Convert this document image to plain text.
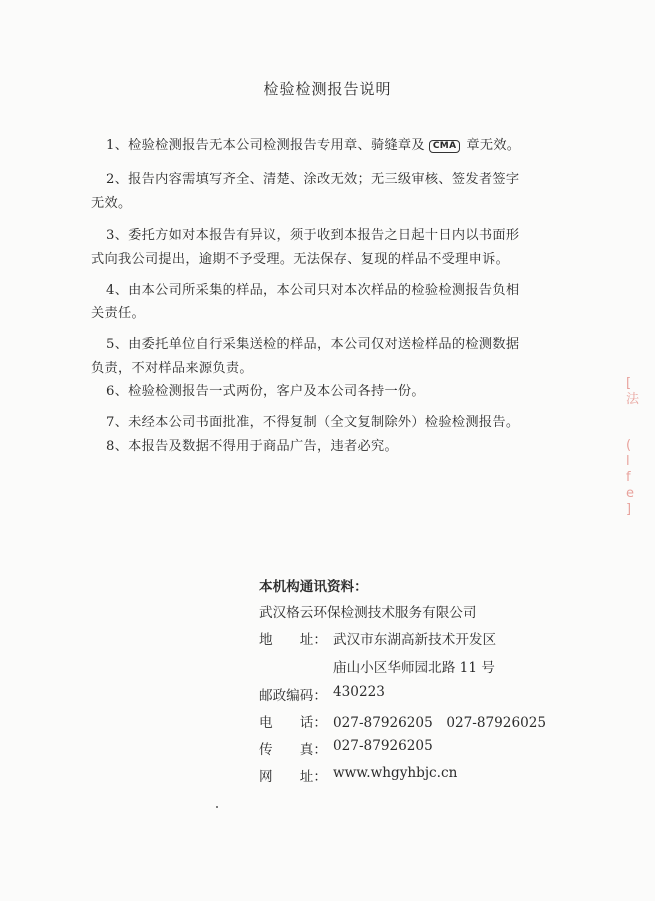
检验检测报告说明
1、检验检测报告无本公司检测报告专用章、骑缝章及 CMA 章无效。
2、报告内容需填写齐全、清楚、涂改无效；无三级审核、签发者签字
无效。
3、委托方如对本报告有异议，须于收到本报告之日起十日内以书面形
式向我公司提出，逾期不予受理。无法保存、复现的样品不受理申诉。
4、由本公司所采集的样品，本公司只对本次样品的检验检测报告负相
关责任。
5、由委托单位自行采集送检的样品，本公司仅对送检样品的检测数据
负责，不对样品来源负责。
6、检验检测报告一式两份，客户及本公司各持一份。
7、未经本公司书面批准，不得复制（全文复制除外）检验检测报告。
8、本报告及数据不得用于商品广告，违者必究。
本机构通讯资料：
武汉格云环保检测技术服务有限公司
地　　址： 武汉市东湖高新技术开发区
庙山小区华师园北路 11 号
邮政编码： 430223
电　　话： 027-87926205　027-87926025
传　　真： 027-87926205
网　　址： www.whgyhbjc.cn
[
法
(
l
f
e
]
